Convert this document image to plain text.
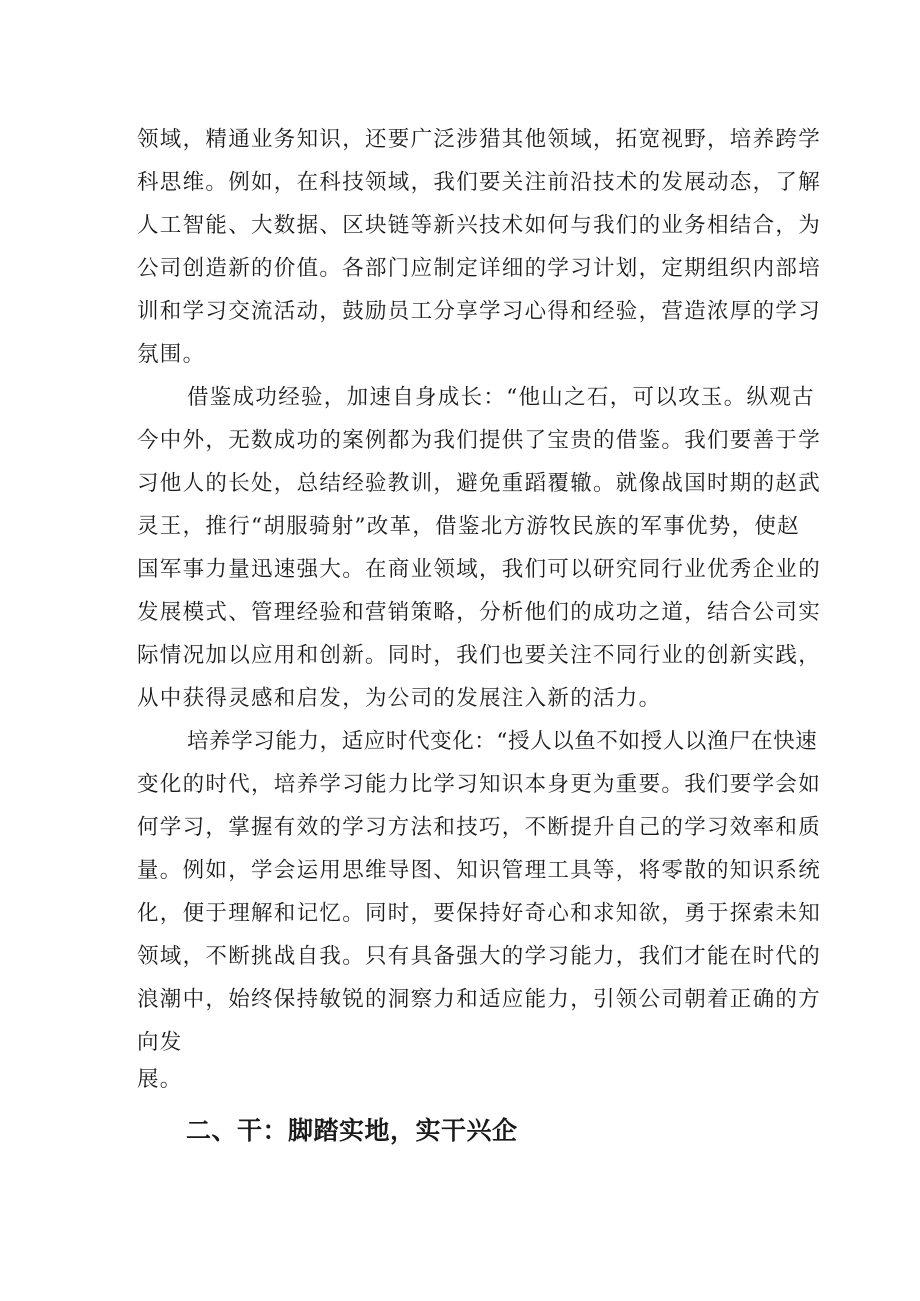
领域，精通业务知识，还要广泛涉猎其他领域，拓宽视野，培养跨学
科思维。例如，在科技领域，我们要关注前沿技术的发展动态，了解
人工智能、大数据、区块链等新兴技术如何与我们的业务相结合，为
公司创造新的价值。各部门应制定详细的学习计划，定期组织内部培
训和学习交流活动，鼓励员工分享学习心得和经验，营造浓厚的学习
氛围。
借鉴成功经验，加速自身成长：“他山之石，可以攻玉。纵观古
今中外，无数成功的案例都为我们提供了宝贵的借鉴。我们要善于学
习他人的长处，总结经验教训，避免重蹈覆辙。就像战国时期的赵武
灵王，推行“胡服骑射”改革，借鉴北方游牧民族的军事优势，使赵
国军事力量迅速强大。在商业领域，我们可以研究同行业优秀企业的
发展模式、管理经验和营销策略，分析他们的成功之道，结合公司实
际情况加以应用和创新。同时，我们也要关注不同行业的创新实践，
从中获得灵感和启发，为公司的发展注入新的活力。
培养学习能力，适应时代变化：“授人以鱼不如授人以渔尸在快速
变化的时代，培养学习能力比学习知识本身更为重要。我们要学会如
何学习，掌握有效的学习方法和技巧，不断提升自己的学习效率和质
量。例如，学会运用思维导图、知识管理工具等，将零散的知识系统
化，便于理解和记忆。同时，要保持好奇心和求知欲，勇于探索未知
领域，不断挑战自我。只有具备强大的学习能力，我们才能在时代的
浪潮中，始终保持敏锐的洞察力和适应能力，引领公司朝着正确的方
向发
展。
二、干：脚踏实地，实干兴企
